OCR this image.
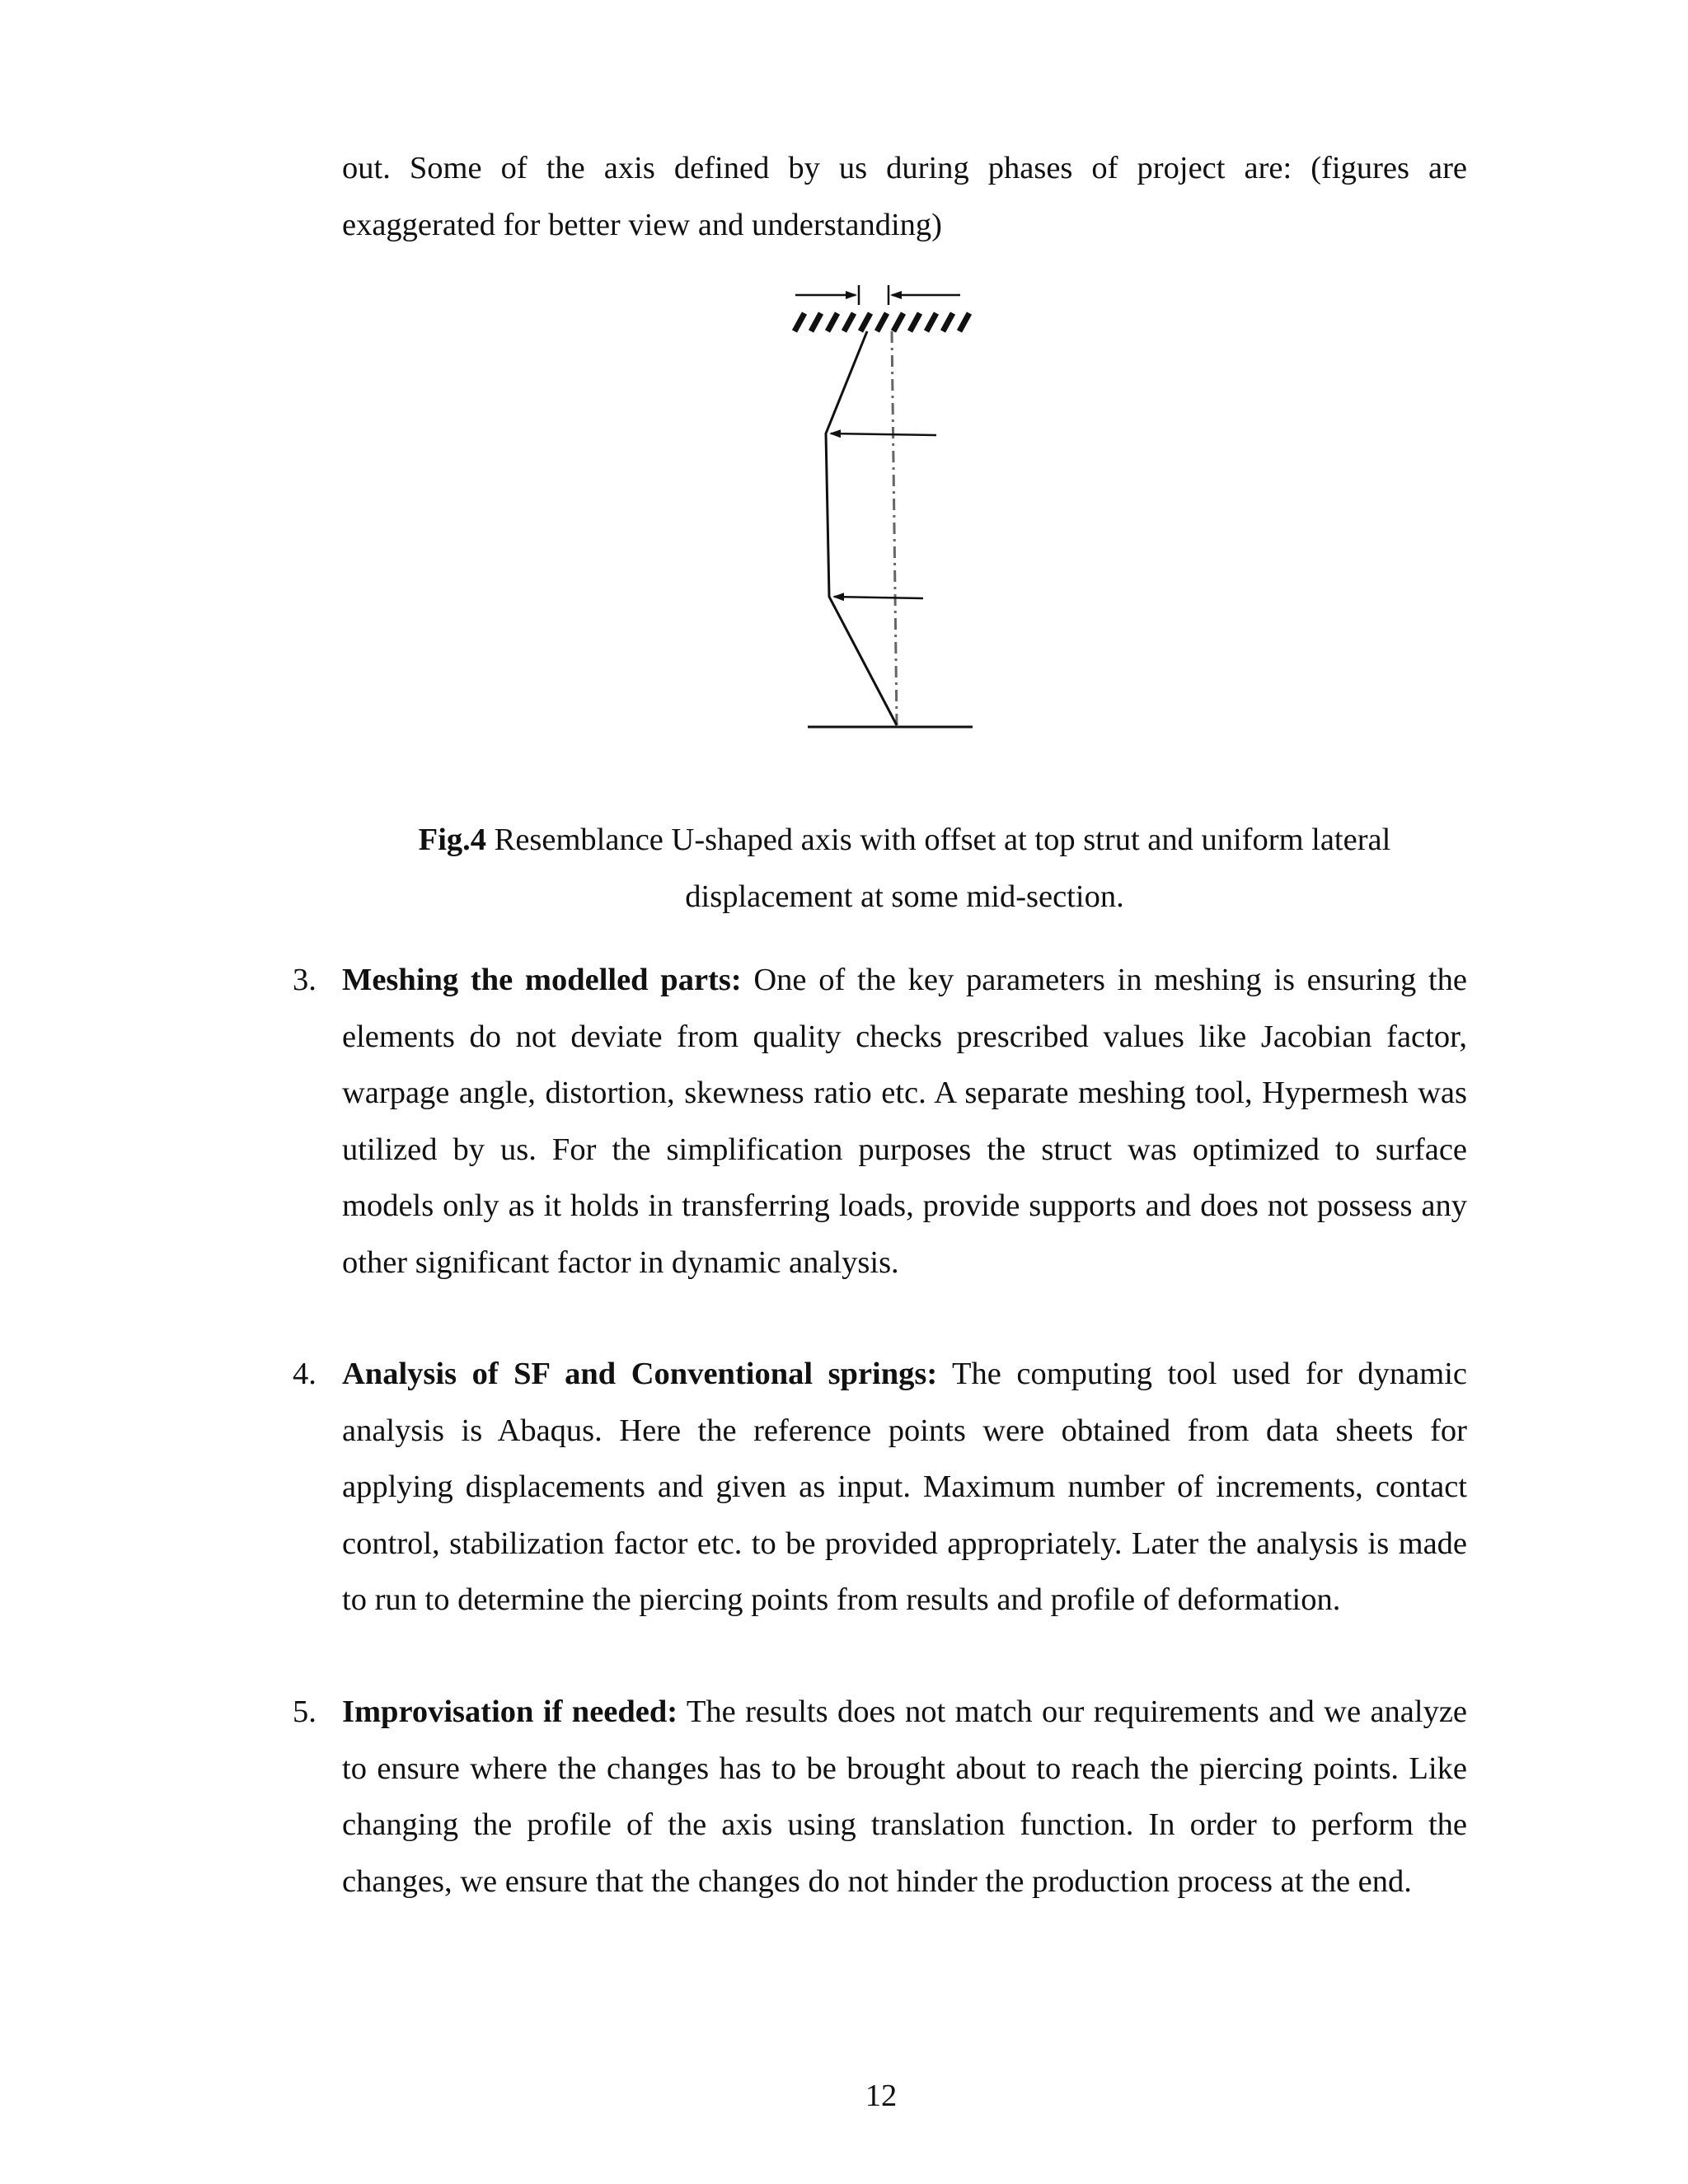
out. Some of the axis defined by us during phases of project are: (figures are exaggerated for better view and understanding)

Fig.4 Resemblance U-shaped axis with offset at top strut and uniform lateral
displacement at some mid-section.

3. Meshing the modelled parts: One of the key parameters in meshing is ensuring the elements do not deviate from quality checks prescribed values like Jacobian factor, warpage angle, distortion, skewness ratio etc. A separate meshing tool, Hypermesh was utilized by us. For the simplification purposes the struct was optimized to surface models only as it holds in transferring loads, provide supports and does not possess any other significant factor in dynamic analysis.

4. Analysis of SF and Conventional springs: The computing tool used for dynamic analysis is Abaqus. Here the reference points were obtained from data sheets for applying displacements and given as input. Maximum number of increments, contact control, stabilization factor etc. to be provided appropriately. Later the analysis is made to run to determine the piercing points from results and profile of deformation.

5. Improvisation if needed: The results does not match our requirements and we analyze to ensure where the changes has to be brought about to reach the piercing points. Like changing the profile of the axis using translation function. In order to perform the changes, we ensure that the changes do not hinder the production process at the end.

12
